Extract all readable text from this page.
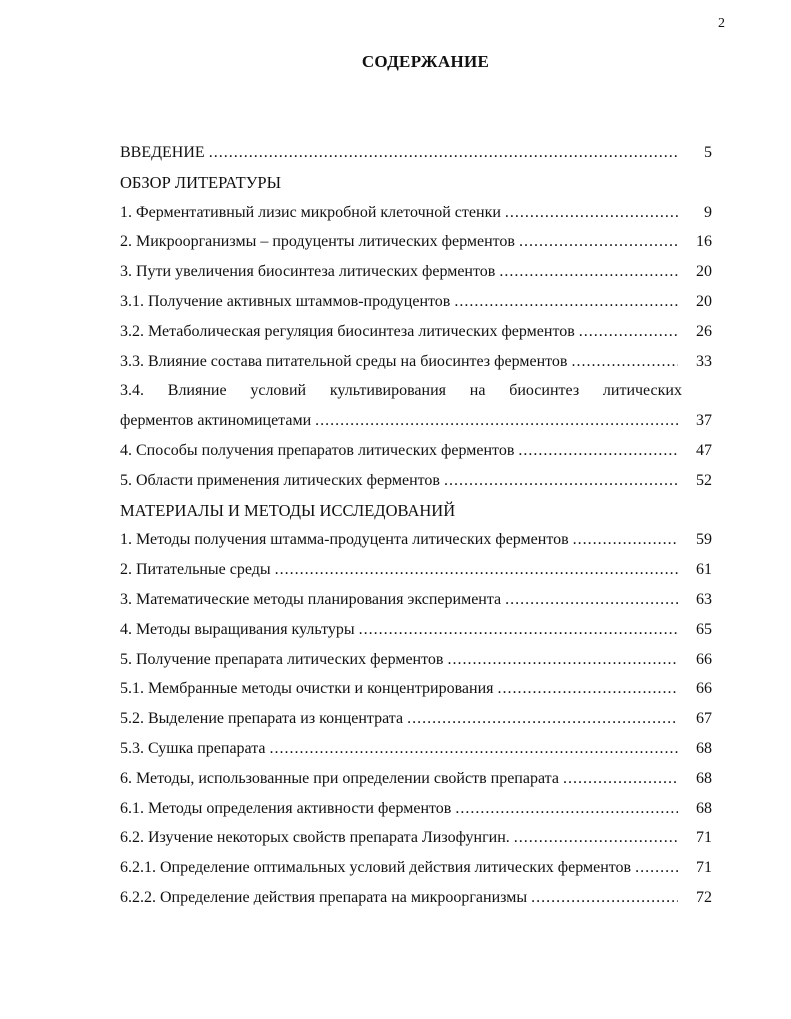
2
СОДЕРЖАНИЕ
ВВЕДЕНИЕ .....	5
ОБЗОР ЛИТЕРАТУРЫ
1. Ферментативный лизис микробной клеточной стенки .....	9
2. Микроорганизмы – продуценты литических ферментов .....	16
3. Пути увеличения биосинтеза литических ферментов .....	20
3.1. Получение активных штаммов-продуцентов .....	20
3.2. Метаболическая регуляция биосинтеза литических ферментов .....	26
3.3. Влияние состава питательной среды на биосинтез ферментов .....	33
3.4. Влияние условий культивирования на биосинтез литических
ферментов актиномицетами .....	37
4. Способы получения препаратов литических ферментов .....	47
5. Области применения литических ферментов .....	52
МАТЕРИАЛЫ И МЕТОДЫ ИССЛЕДОВАНИЙ
1. Методы получения штамма-продуцента литических ферментов .....	59
2. Питательные среды .....	61
3. Математические методы планирования эксперимента .....	63
4. Методы выращивания культуры .....	65
5. Получение препарата литических ферментов .....	66
5.1. Мембранные методы очистки и концентрирования .....	66
5.2. Выделение препарата из концентрата .....	67
5.3. Сушка препарата .....	68
6. Методы, использованные при определении свойств препарата .....	68
6.1. Методы определения активности ферментов .....	68
6.2. Изучение некоторых свойств препарата Лизофунгин. .....	71
6.2.1. Определение оптимальных условий действия литических ферментов .....	71
6.2.2. Определение действия препарата на микроорганизмы .....	72
